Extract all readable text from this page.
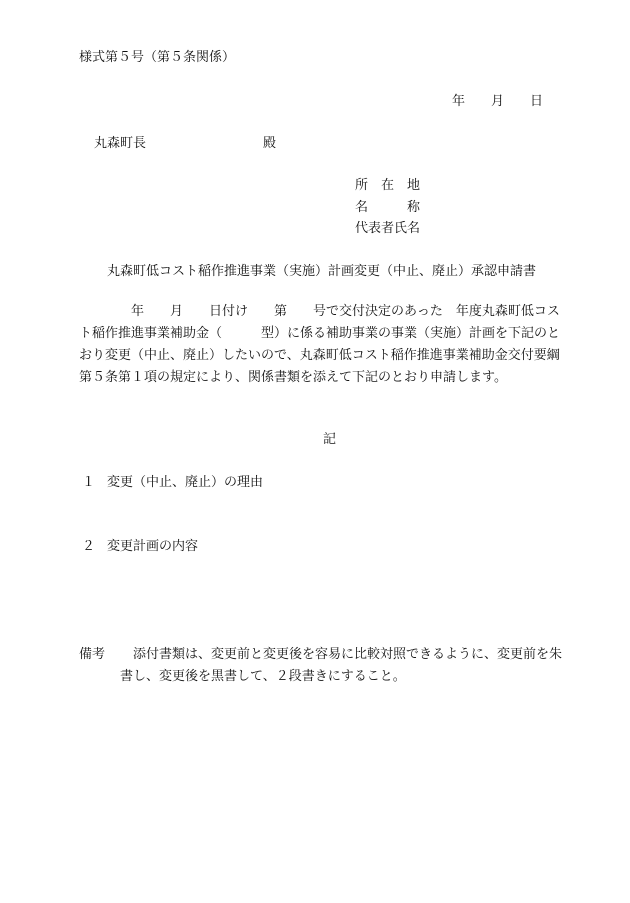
様式第５号（第５条関係）
年　　月　　日
丸森町長　　　　　　　　　殿
所　在　地
名　　　称
代表者氏名
丸森町低コスト稲作推進事業（実施）計画変更（中止、廃止）承認申請書
　　　　年　　月　　日付け　　第　　号で交付決定のあった　年度丸森町低コス
ト稲作推進事業補助金（　　　型）に係る補助事業の事業（実施）計画を下記のと
おり変更（中止、廃止）したいので、丸森町低コスト稲作推進事業補助金交付要綱
第５条第１項の規定により、関係書類を添えて下記のとおり申請します。
記
１ 変更（中止、廃止）の理由
２ 変更計画の内容
備考 添付書類は、変更前と変更後を容易に比較対照できるように、変更前を朱
書し、変更後を黒書して、２段書きにすること。
